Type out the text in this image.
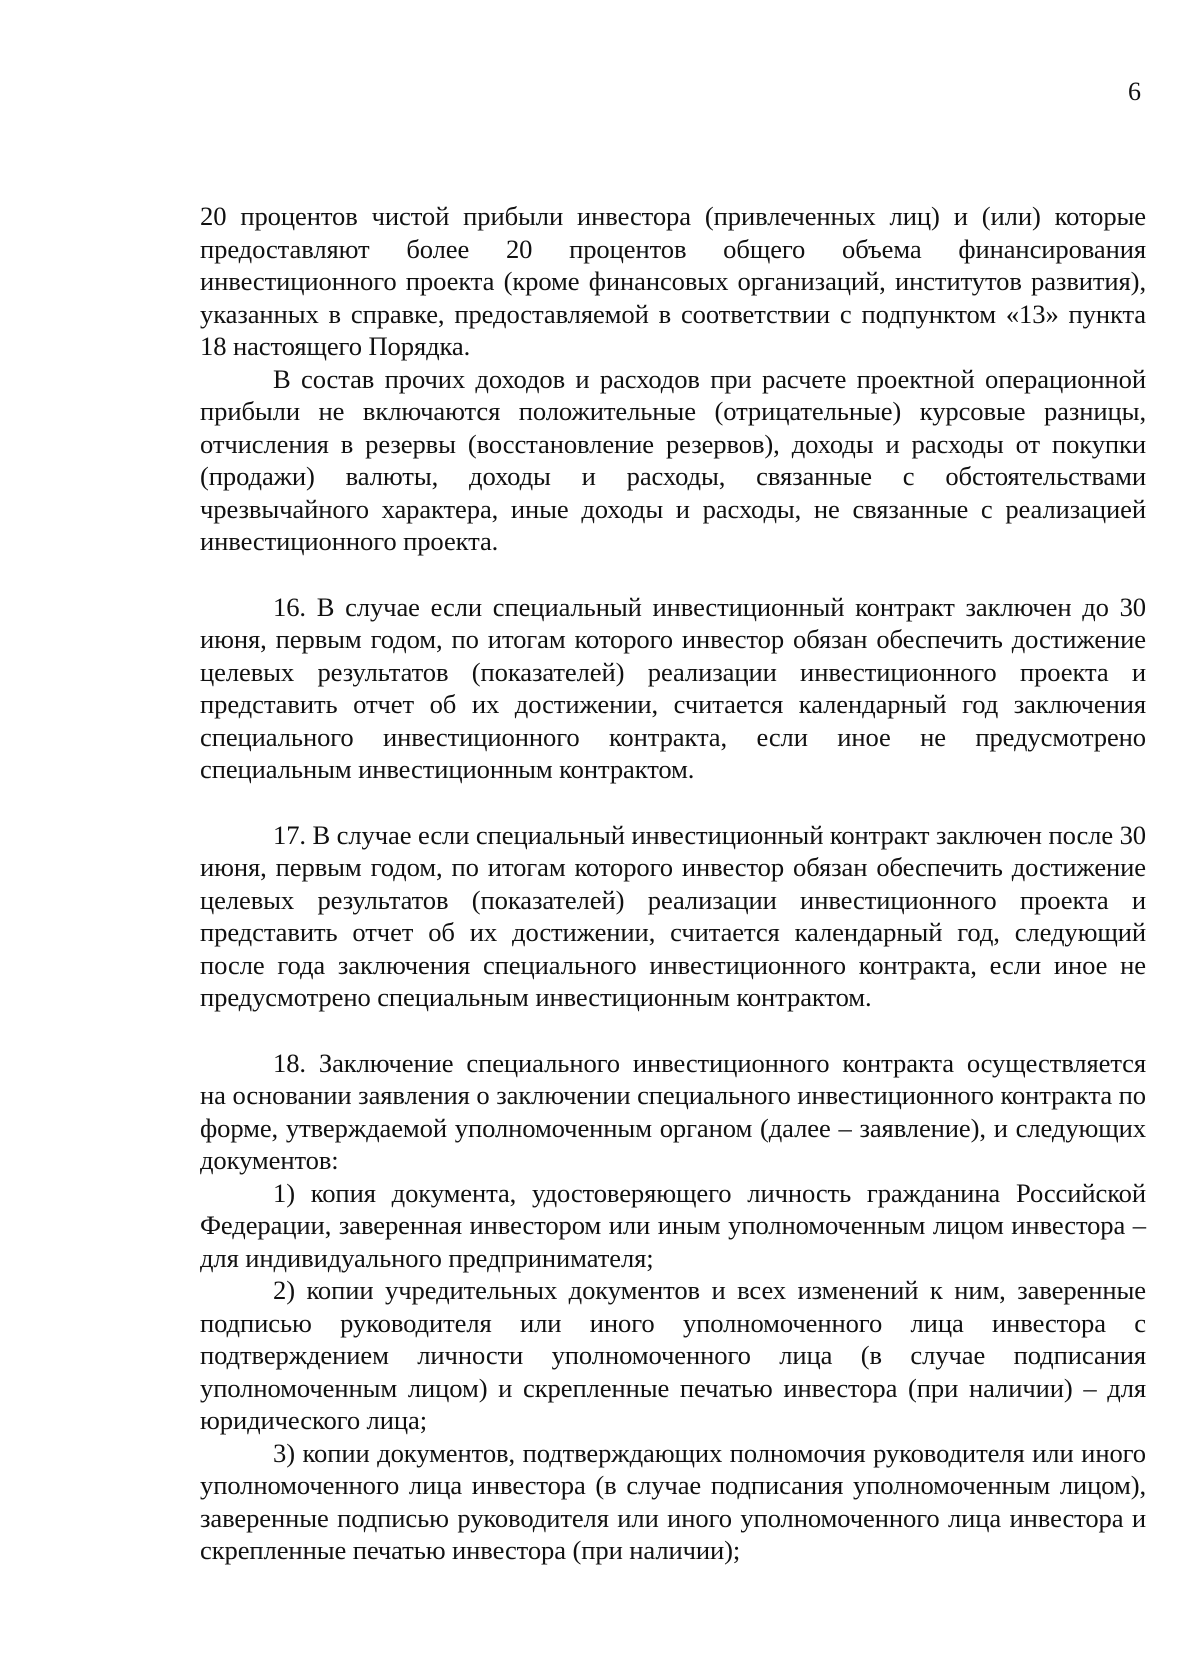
6

20 процентов чистой прибыли инвестора (привлеченных лиц) и (или) которые предоставляют более 20 процентов общего объема финансирования инвестиционного проекта (кроме финансовых организаций, институтов развития), указанных в справке, предоставляемой в соответствии с подпунктом «13» пункта 18 настоящего Порядка.

В состав прочих доходов и расходов при расчете проектной операционной прибыли не включаются положительные (отрицательные) курсовые разницы, отчисления в резервы (восстановление резервов), доходы и расходы от покупки (продажи) валюты, доходы и расходы, связанные с обстоятельствами чрезвычайного характера, иные доходы и расходы, не связанные с реализацией инвестиционного проекта.

16. В случае если специальный инвестиционный контракт заключен до 30 июня, первым годом, по итогам которого инвестор обязан обеспечить достижение целевых результатов (показателей) реализации инвестиционного проекта и представить отчет об их достижении, считается календарный год заключения специального инвестиционного контракта, если иное не предусмотрено специальным инвестиционным контрактом.

17. В случае если специальный инвестиционный контракт заключен после 30 июня, первым годом, по итогам которого инвестор обязан обеспечить достижение целевых результатов (показателей) реализации инвестиционного проекта и представить отчет об их достижении, считается календарный год, следующий после года заключения специального инвестиционного контракта, если иное не предусмотрено специальным инвестиционным контрактом.

18. Заключение специального инвестиционного контракта осуществляется на основании заявления о заключении специального инвестиционного контракта по форме, утверждаемой уполномоченным органом (далее – заявление), и следующих документов:

1) копия документа, удостоверяющего личность гражданина Российской Федерации, заверенная инвестором или иным уполномоченным лицом инвестора – для индивидуального предпринимателя;

2) копии учредительных документов и всех изменений к ним, заверенные подписью руководителя или иного уполномоченного лица инвестора с подтверждением личности уполномоченного лица (в случае подписания уполномоченным лицом) и скрепленные печатью инвестора (при наличии) – для юридического лица;

3) копии документов, подтверждающих полномочия руководителя или иного уполномоченного лица инвестора (в случае подписания уполномоченным лицом), заверенные подписью руководителя или иного уполномоченного лица инвестора и скрепленные печатью инвестора (при наличии);
